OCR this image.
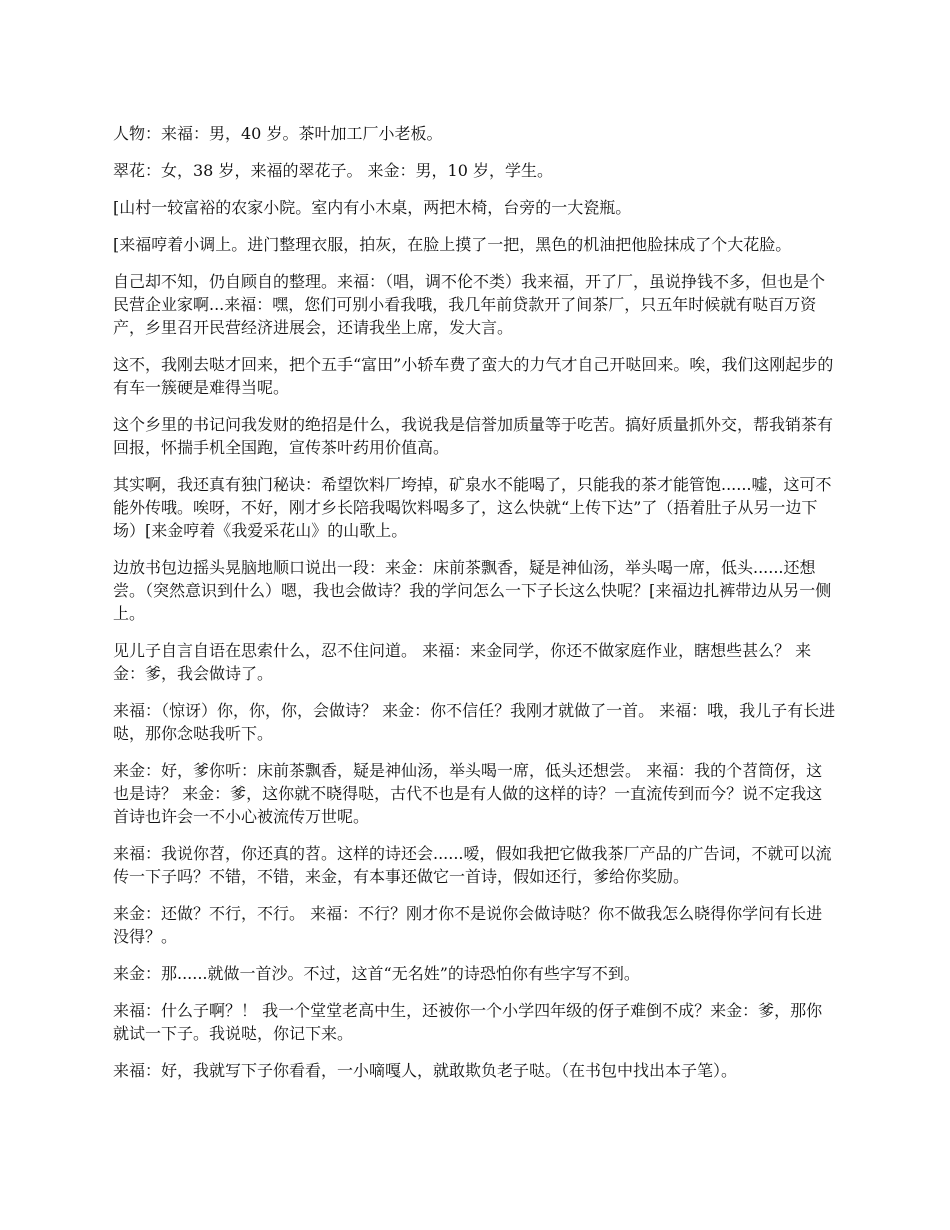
人物：来福：男，40 岁。茶叶加工厂小老板。

翠花：女，38 岁，来福的翠花子。 来金：男，10 岁，学生。

[山村一较富裕的农家小院。室内有小木桌，两把木椅，台旁的一大瓷瓶。

[来福哼着小调上。进门整理衣服，拍灰，在脸上摸了一把，黑色的机油把他脸抹成了个大花脸。

自己却不知，仍自顾自的整理。来福：（唱，调不伦不类）我来福，开了厂，虽说挣钱不多，但也是个民营企业家啊...来福：嘿，您们可别小看我哦，我几年前贷款开了间茶厂，只五年时候就有哒百万资产，乡里召开民营经济进展会，还请我坐上席，发大言。

这不，我刚去哒才回来，把个五手“富田”小轿车费了蛮大的力气才自己开哒回来。唉，我们这刚起步的有车一簇硬是难得当呢。

这个乡里的书记问我发财的绝招是什么，我说我是信誉加质量等于吃苦。搞好质量抓外交，帮我销茶有回报，怀揣手机全国跑，宣传茶叶药用价值高。

其实啊，我还真有独门秘诀：希望饮料厂垮掉，矿泉水不能喝了，只能我的茶才能管饱......嘘，这可不能外传哦。唉呀，不好，刚才乡长陪我喝饮料喝多了，这么快就“上传下达”了（捂着肚子从另一边下场）[来金哼着《我爱采花山》的山歌上。

边放书包边摇头晃脑地顺口说出一段：来金：床前茶飘香，疑是神仙汤，举头喝一席，低头......还想尝。（突然意识到什么）嗯，我也会做诗？我的学问怎么一下子长这么快呢？[来福边扎裤带边从另一侧上。

见儿子自言自语在思索什么，忍不住问道。 来福：来金同学，你还不做家庭作业，瞎想些甚么？ 来金：爹，我会做诗了。

来福：（惊讶）你，你，你，会做诗？ 来金：你不信任？我刚才就做了一首。 来福：哦，我儿子有长进哒，那你念哒我听下。

来金：好，爹你听：床前茶飘香，疑是神仙汤，举头喝一席，低头还想尝。 来福：我的个苕筒伢，这也是诗？ 来金：爹，这你就不晓得哒，古代不也是有人做的这样的诗？一直流传到而今？说不定我这首诗也许会一不小心被流传万世呢。

来福：我说你苕，你还真的苕。这样的诗还会......嗳，假如我把它做我茶厂产品的广告词，不就可以流传一下子吗？不错，不错，来金，有本事还做它一首诗，假如还行，爹给你奖励。

来金：还做？不行，不行。 来福：不行？刚才你不是说你会做诗哒？你不做我怎么晓得你学问有长进没得？。

来金：那......就做一首沙。不过，这首“无名姓”的诗恐怕你有些字写不到。

来福：什么子啊？！ 我一个堂堂老高中生，还被你一个小学四年级的伢子难倒不成？来金：爹，那你就试一下子。我说哒，你记下来。

来福：好，我就写下子你看看，一小嘀嘎人，就敢欺负老子哒。（在书包中找出本子笔）。
